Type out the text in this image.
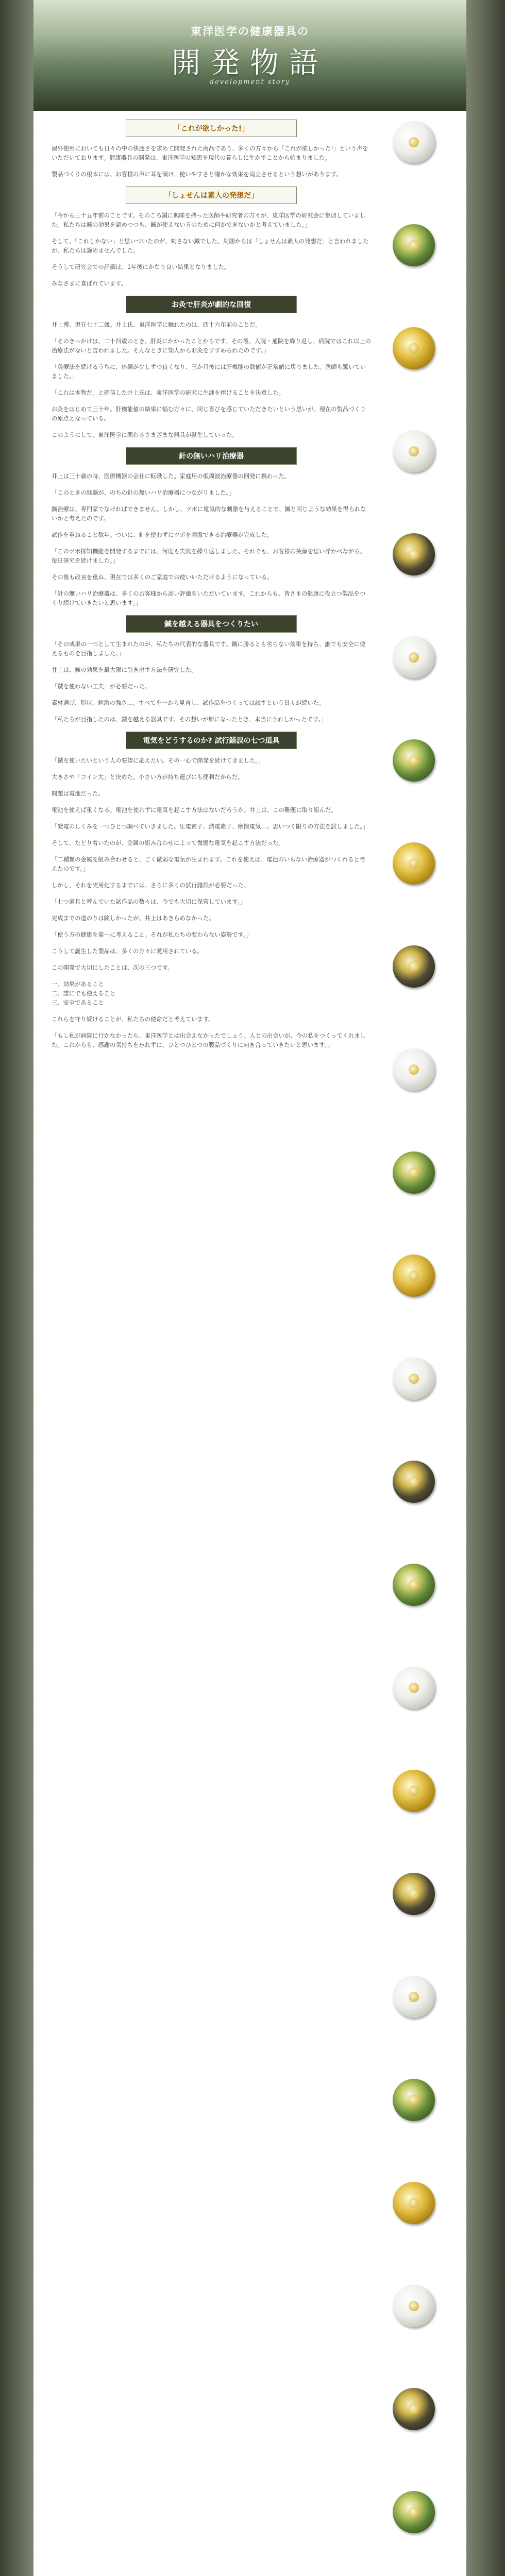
東洋医学の健康器具の
開発物語
development story
「これが欲しかった!」
屋外使用においても日々の中の快適さを求めて開発された商品であり、多くの方々から「これが欲しかった!」という声をいただいております。健康器具の開発は、東洋医学の知恵を現代の暮らしに生かすことから始まりました。
製品づくりの根本には、お客様の声に耳を傾け、使いやすさと確かな効果を両立させるという想いがあります。
「しょせんは素人の発想だ」
「今から三十五年前のことです。そのころ鍼に興味を持った医師や研究者の方々が、東洋医学の研究会に参加していました。私たちは鍼の効果を認めつつも、鍼が使えない方のために何かできないかと考えていました。」
そして、「これしかない」と思いついたのが、刺さない鍼でした。周囲からは「しょせんは素人の発想だ」と言われましたが、私たちは諦めませんでした。
そうして研究会での評価は、1年後にかなり良い結果となりました。
みなさまに喜ばれています。
お灸で肝炎が劇的な回復
井上博、現在七十二歳。井上氏、東洋医学に触れたのは、四十六年前のことだ。
「そのきっかけは、二十四歳のとき、肝炎にかかったことからです。その後、入院・通院を繰り返し、病院ではこれ以上の治療法がないと言われました。そんなときに知人からお灸をすすめられたのです。」
「灸療法を続けるうちに、体調が少しずつ良くなり、三か月後には肝機能の数値が正常値に戻りました。医師も驚いていました。」
「これは本物だ」と確信した井上氏は、東洋医学の研究に生涯を捧げることを決意した。
お灸をはじめて三十年。肝機能値の結果に悩む方々に、同じ喜びを感じていただきたいという思いが、現在の製品づくりの原点となっている。
このようにして、東洋医学に関わるさまざまな器具が誕生していった。
針の無いハリ治療器
井上は三十歳の時、医療機器の会社に転職した。家庭用の低周波治療器の開発に携わった。
「このときの経験が、のちの針の無いハリ治療器につながりました。」
鍼治療は、専門家でなければできません。しかし、ツボに電気的な刺激を与えることで、鍼と同じような効果を得られないかと考えたのです。
試作を重ねること数年。ついに、針を使わずにツボを刺激できる治療器が完成した。
「このツボ探知機能を開発するまでには、何度も失敗を繰り返しました。それでも、お客様の笑顔を思い浮かべながら、毎日研究を続けました。」
その後も改良を重ね、現在では多くのご家庭でお使いいただけるようになっている。
「針の無いハリ治療器は、多くのお客様から高い評価をいただいています。これからも、皆さまの健康に役立つ製品をつくり続けていきたいと思います。」
鍼を越える器具をつくりたい
「その成果の一つとして生まれたのが、私たちの代表的な器具です。鍼に勝るとも劣らない効果を持ち、誰でも安全に使えるものを目指しました。」
井上は、鍼の効果を最大限に引き出す方法を研究した。
「鍼を使わない工夫」が必要だった。
素材選び、形状、刺激の強さ…。すべてを一から見直し、試作品をつくっては試すという日々が続いた。
「私たちが目指したのは、鍼を越える器具です。その想いが形になったとき、本当にうれしかったです。」
電気をどうするのか? 試行錯誤の七つ道具
「鍼を使いたいという人の要望に応えたい。その一心で開発を続けてきました。」
大きさや「コイン大」と決めた。小さい方が持ち運びにも便利だからだ。
問題は電池だった。
電池を使えば重くなる。電池を使わずに電気を起こす方法はないだろうか。井上は、この難題に取り組んだ。
「発電のしくみを一つひとつ調べていきました。圧電素子、熱電素子、摩擦電気…。思いつく限りの方法を試しました。」
そして、たどり着いたのが、金属の組み合わせによって微弱な電気を起こす方法だった。
「二種類の金属を組み合わせると、ごく微弱な電気が生まれます。これを使えば、電池のいらない治療器がつくれると考えたのです。」
しかし、それを実用化するまでには、さらに多くの試行錯誤が必要だった。
「七つ道具と呼んでいた試作品の数々は、今でも大切に保管しています。」
完成までの道のりは険しかったが、井上はあきらめなかった。
「使う方の健康を第一に考えること。それが私たちの変わらない姿勢です。」
こうして誕生した製品は、多くの方々に愛用されている。
この開発で大切にしたことは、次の三つです。
一、効果があること
二、誰にでも使えること
三、安全であること
これらを守り続けることが、私たちの使命だと考えています。
「もし私が病院に行かなかったら、東洋医学とは出会えなかったでしょう。人との出会いが、今の私をつくってくれました。これからも、感謝の気持ちを忘れずに、ひとつひとつの製品づくりに向き合っていきたいと思います。」
